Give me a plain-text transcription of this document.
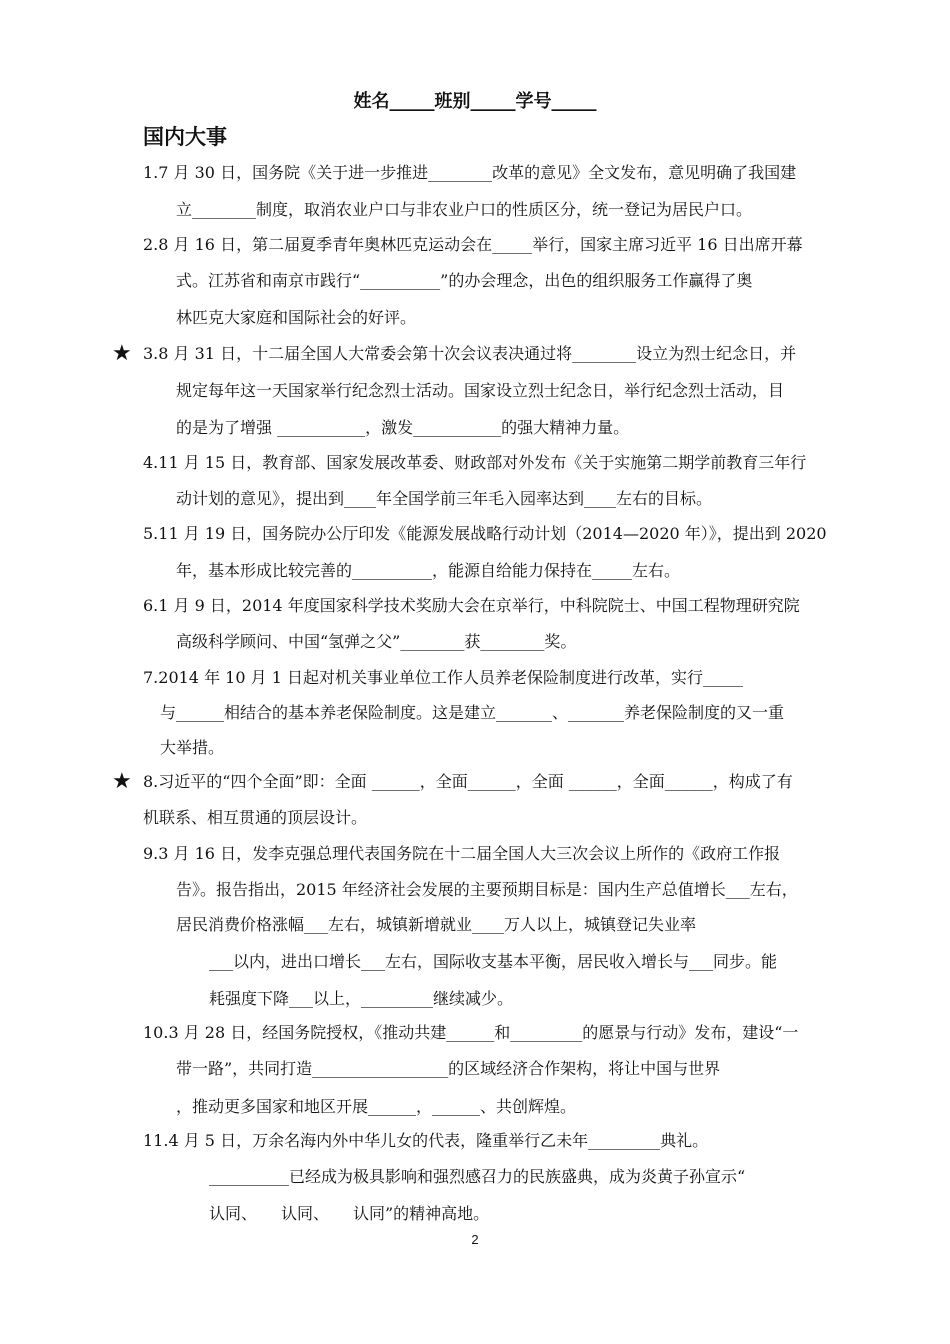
姓名_____班别_____学号_____
国内大事
1.7 月 30 日，国务院《关于进一步推进________改革的意见》全文发布，意见明确了我国建
立________制度，取消农业户口与非农业户口的性质区分，统一登记为居民户口。
2.8 月 16 日，第二届夏季青年奥林匹克运动会在_____举行，国家主席习近平 16 日出席开幕
式。江苏省和南京市践行“__________”的办会理念，出色的组织服务工作赢得了奥
林匹克大家庭和国际社会的好评。
★ 3.8 月 31 日，十二届全国人大常委会第十次会议表决通过将________设立为烈士纪念日，并
规定每年这一天国家举行纪念烈士活动。国家设立烈士纪念日，举行纪念烈士活动，目
的是为了增强 ___________，激发___________的强大精神力量。
4.11 月 15 日，教育部、国家发展改革委、财政部对外发布《关于实施第二期学前教育三年行
动计划的意见》，提出到____年全国学前三年毛入园率达到____左右的目标。
5.11 月 19 日，国务院办公厅印发《能源发展战略行动计划（2014—2020 年）》，提出到 2020
年，基本形成比较完善的__________，能源自给能力保持在_____左右。
6.1 月 9 日，2014 年度国家科学技术奖励大会在京举行，中科院院士、中国工程物理研究院
高级科学顾问、中国“氢弹之父”________获________奖。
7.2014 年 10 月 1 日起对机关事业单位工作人员养老保险制度进行改革，实行_____
与______相结合的基本养老保险制度。这是建立_______、_______养老保险制度的又一重
大举措。
★ 8.习近平的“四个全面”即：全面 ______，全面______，全面 ______，全面______，构成了有
机联系、相互贯通的顶层设计。
9.3 月 16 日，发李克强总理代表国务院在十二届全国人大三次会议上所作的《政府工作报
告》。报告指出，2015 年经济社会发展的主要预期目标是：国内生产总值增长___左右，
居民消费价格涨幅___左右，城镇新增就业____万人以上，城镇登记失业率
___以内，进出口增长___左右，国际收支基本平衡，居民收入增长与___同步。能
耗强度下降___以上，_________继续减少。
10.3 月 28 日，经国务院授权，《推动共建______和_________的愿景与行动》发布，建设“一
带一路”，共同打造_________________的区域经济合作架构，将让中国与世界
，推动更多国家和地区开展______，______、共创辉煌。
11.4 月 5 日，万余名海内外中华儿女的代表，隆重举行乙未年_________典礼。
__________已经成为极具影响和强烈感召力的民族盛典，成为炎黄子孙宣示“
认同、　　认同、　　认同”的精神高地。
2
